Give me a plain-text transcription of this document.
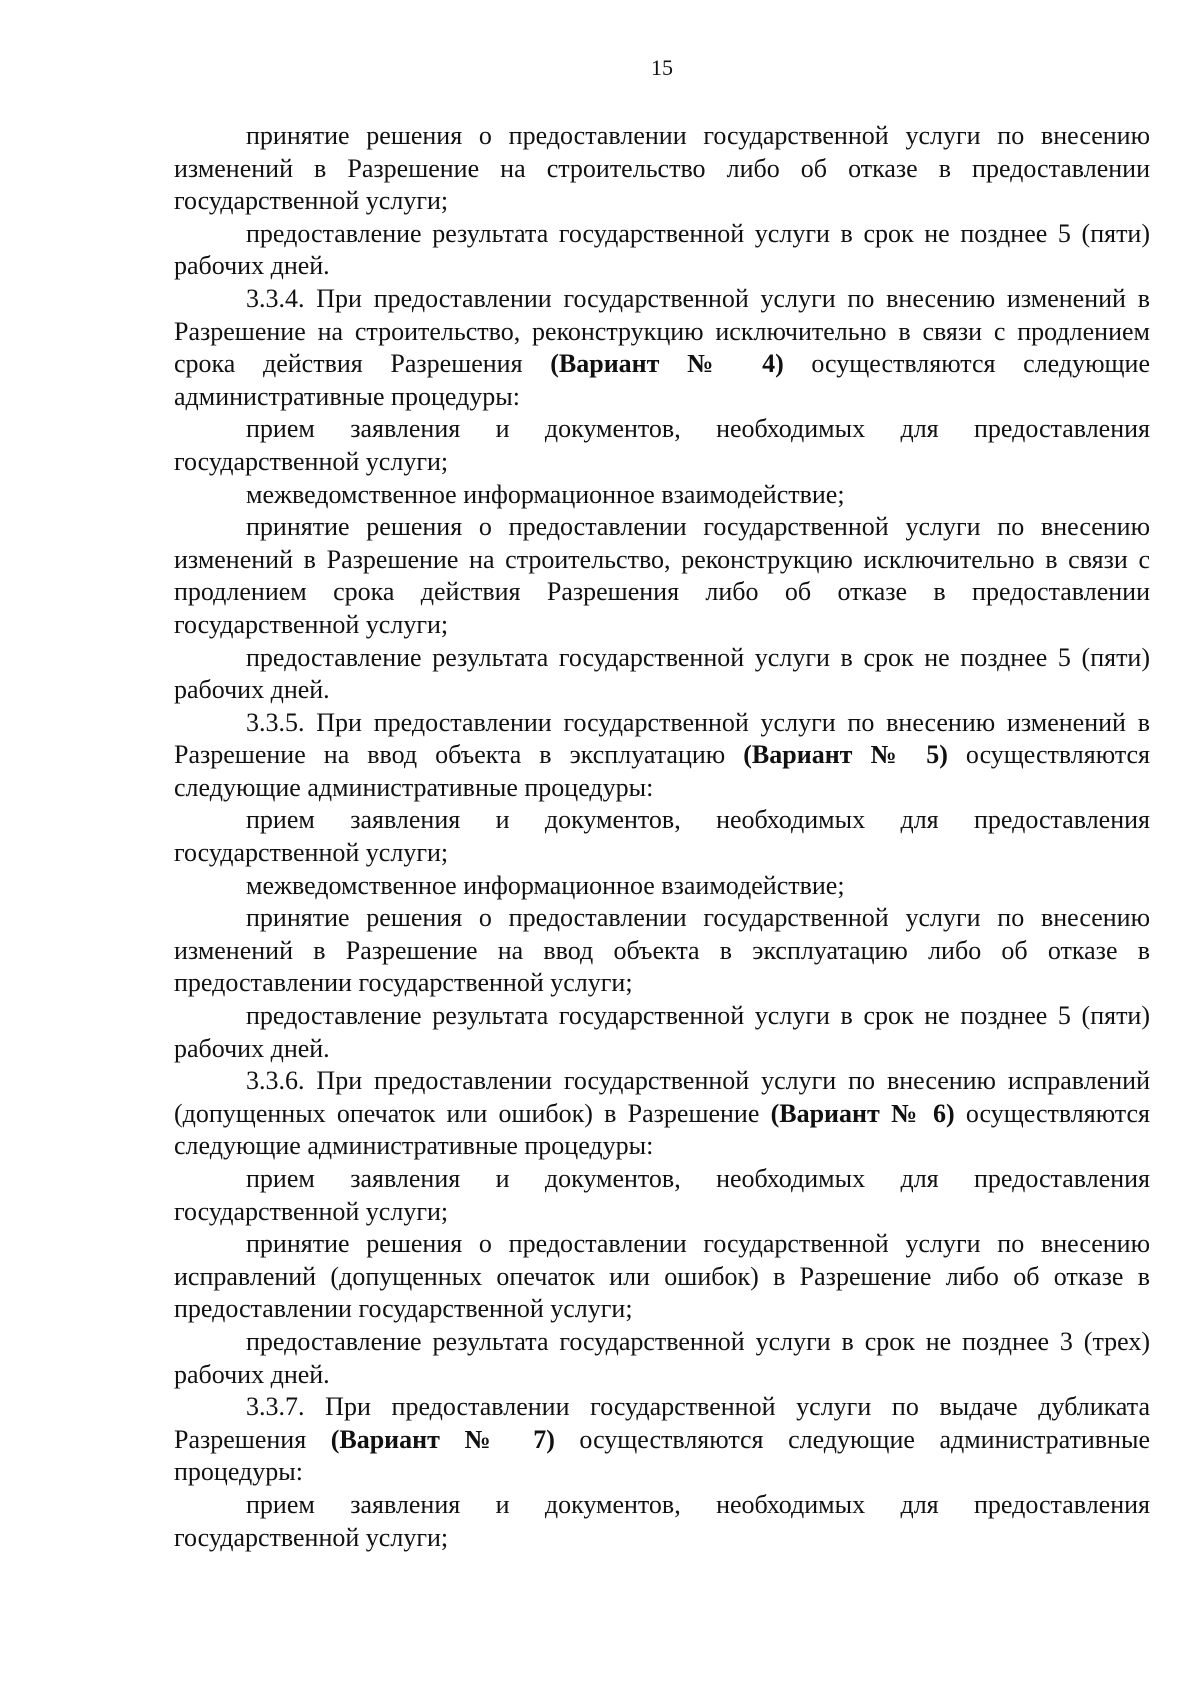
15

принятие решения о предоставлении государственной услуги по внесению изменений в Разрешение на строительство либо об отказе в предоставлении государственной услуги;

предоставление результата государственной услуги в срок не позднее 5 (пяти) рабочих дней.

3.3.4. При предоставлении государственной услуги по внесению изменений в Разрешение на строительство, реконструкцию исключительно в связи с продлением срока действия Разрешения (Вариант № 4) осуществляются следующие административные процедуры:

прием заявления и документов, необходимых для предоставления государственной услуги;

межведомственное информационное взаимодействие;

принятие решения о предоставлении государственной услуги по внесению изменений в Разрешение на строительство, реконструкцию исключительно в связи с продлением срока действия Разрешения либо об отказе в предоставлении государственной услуги;

предоставление результата государственной услуги в срок не позднее 5 (пяти) рабочих дней.

3.3.5. При предоставлении государственной услуги по внесению изменений в Разрешение на ввод объекта в эксплуатацию (Вариант № 5) осуществляются следующие административные процедуры:

прием заявления и документов, необходимых для предоставления государственной услуги;

межведомственное информационное взаимодействие;

принятие решения о предоставлении государственной услуги по внесению изменений в Разрешение на ввод объекта в эксплуатацию либо об отказе в предоставлении государственной услуги;

предоставление результата государственной услуги в срок не позднее 5 (пяти) рабочих дней.

3.3.6. При предоставлении государственной услуги по внесению исправлений (допущенных опечаток или ошибок) в Разрешение (Вариант № 6) осуществляются следующие административные процедуры:

прием заявления и документов, необходимых для предоставления государственной услуги;

принятие решения о предоставлении государственной услуги по внесению исправлений (допущенных опечаток или ошибок) в Разрешение либо об отказе в предоставлении государственной услуги;

предоставление результата государственной услуги в срок не позднее 3 (трех) рабочих дней.

3.3.7. При предоставлении государственной услуги по выдаче дубликата Разрешения (Вариант № 7) осуществляются следующие административные процедуры:

прием заявления и документов, необходимых для предоставления государственной услуги;
